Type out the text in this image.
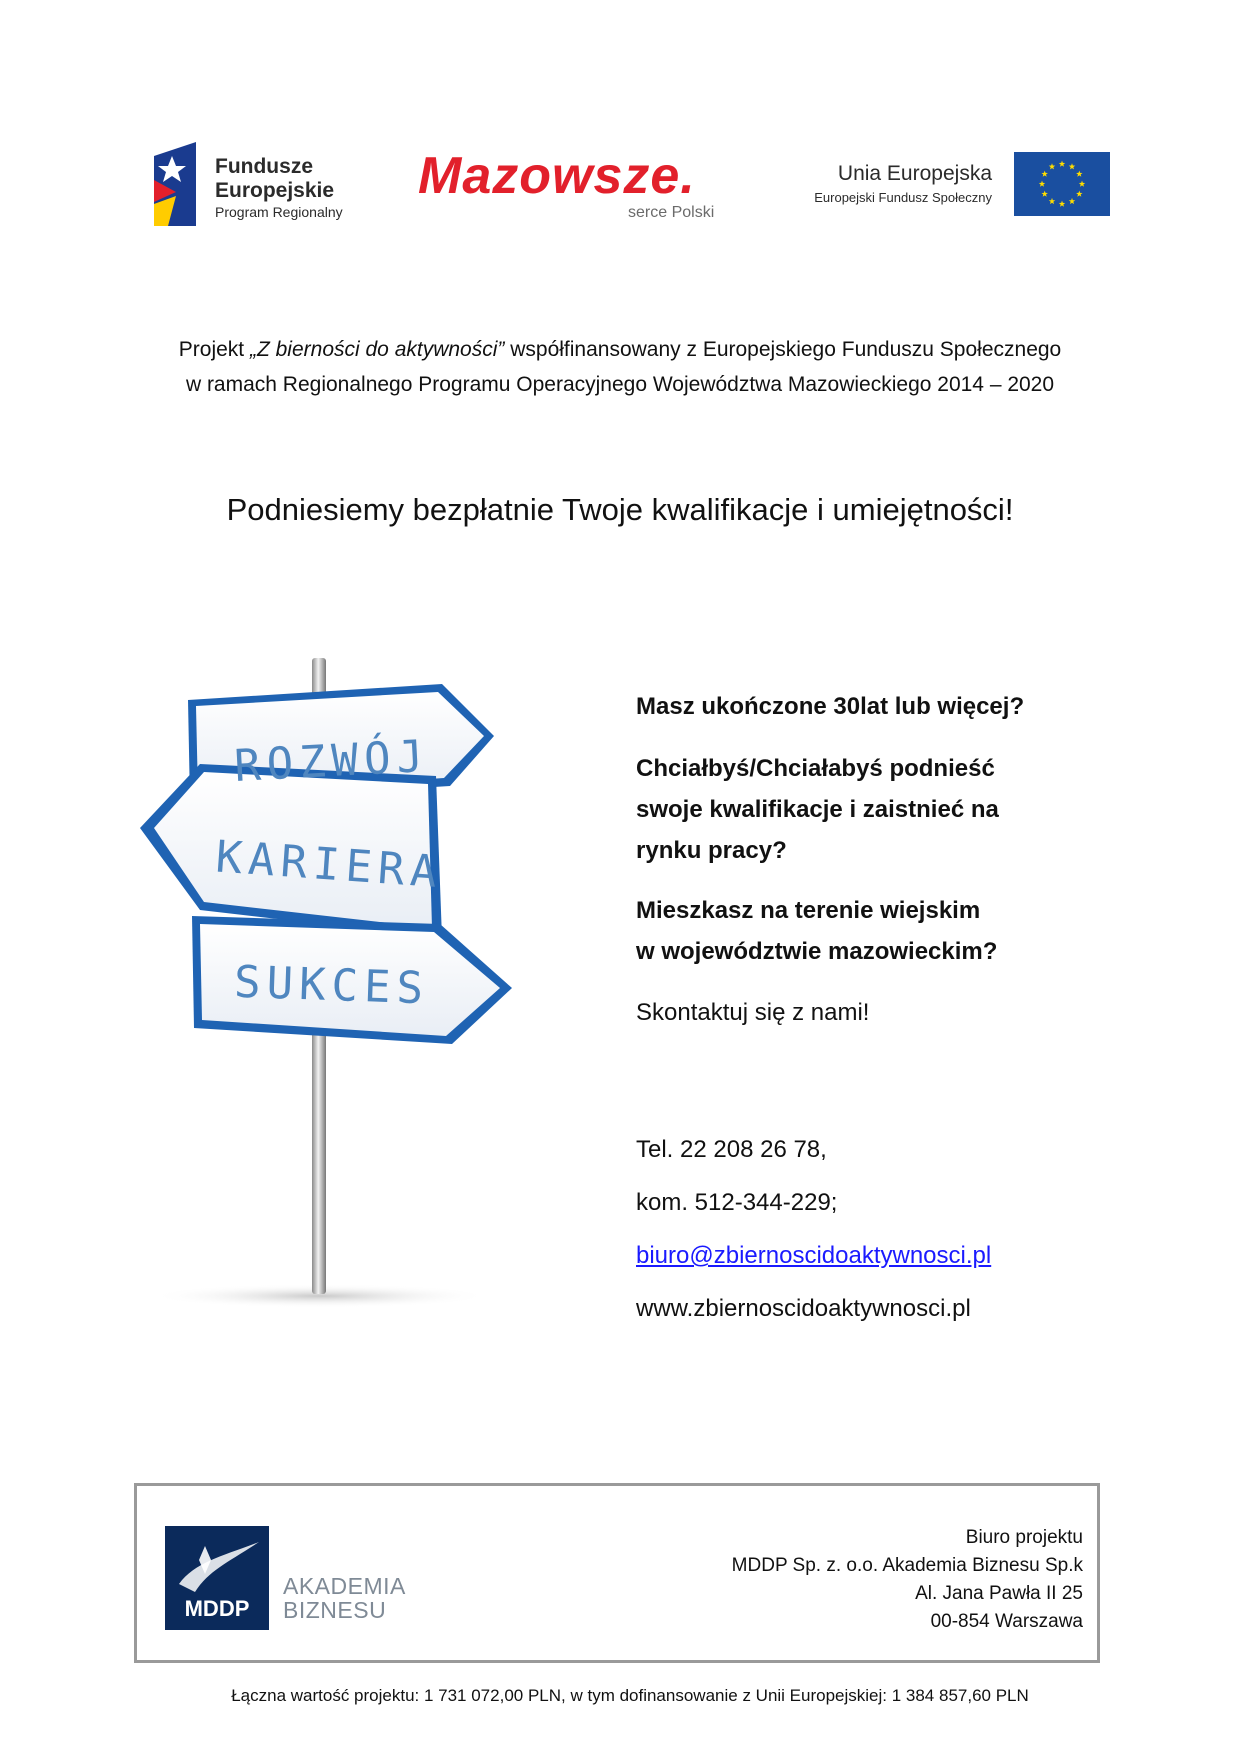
Fundusze
Europejskie
Program Regionalny
Mazowsze.
serce Polski
Unia Europejska
Europejski Fundusz Społeczny
Projekt „Z bierności do aktywności” współfinansowany z Europejskiego Funduszu Społecznego
w ramach Regionalnego Programu Operacyjnego Województwa Mazowieckiego 2014 – 2020
Podniesiemy bezpłatnie Twoje kwalifikacje i umiejętności!
ROZWÓJ
KARIERA
SUKCES
Masz ukończone 30lat lub więcej?
Chciałbyś/Chciałabyś podnieść
swoje kwalifikacje i zaistnieć na
rynku pracy?
Mieszkasz na terenie wiejskim
w województwie mazowieckim?
Skontaktuj się z nami!
Tel. 22 208 26 78,
kom. 512-344-229;
biuro@zbiernoscidoaktywnosci.pl
www.zbiernoscidoaktywnosci.pl
MDDP
AKADEMIA
BIZNESU
Biuro projektu
MDDP Sp. z. o.o. Akademia Biznesu Sp.k
Al. Jana Pawła II 25
00-854 Warszawa
Łączna wartość projektu: 1 731 072,00 PLN, w tym dofinansowanie z Unii Europejskiej: 1 384 857,60 PLN
